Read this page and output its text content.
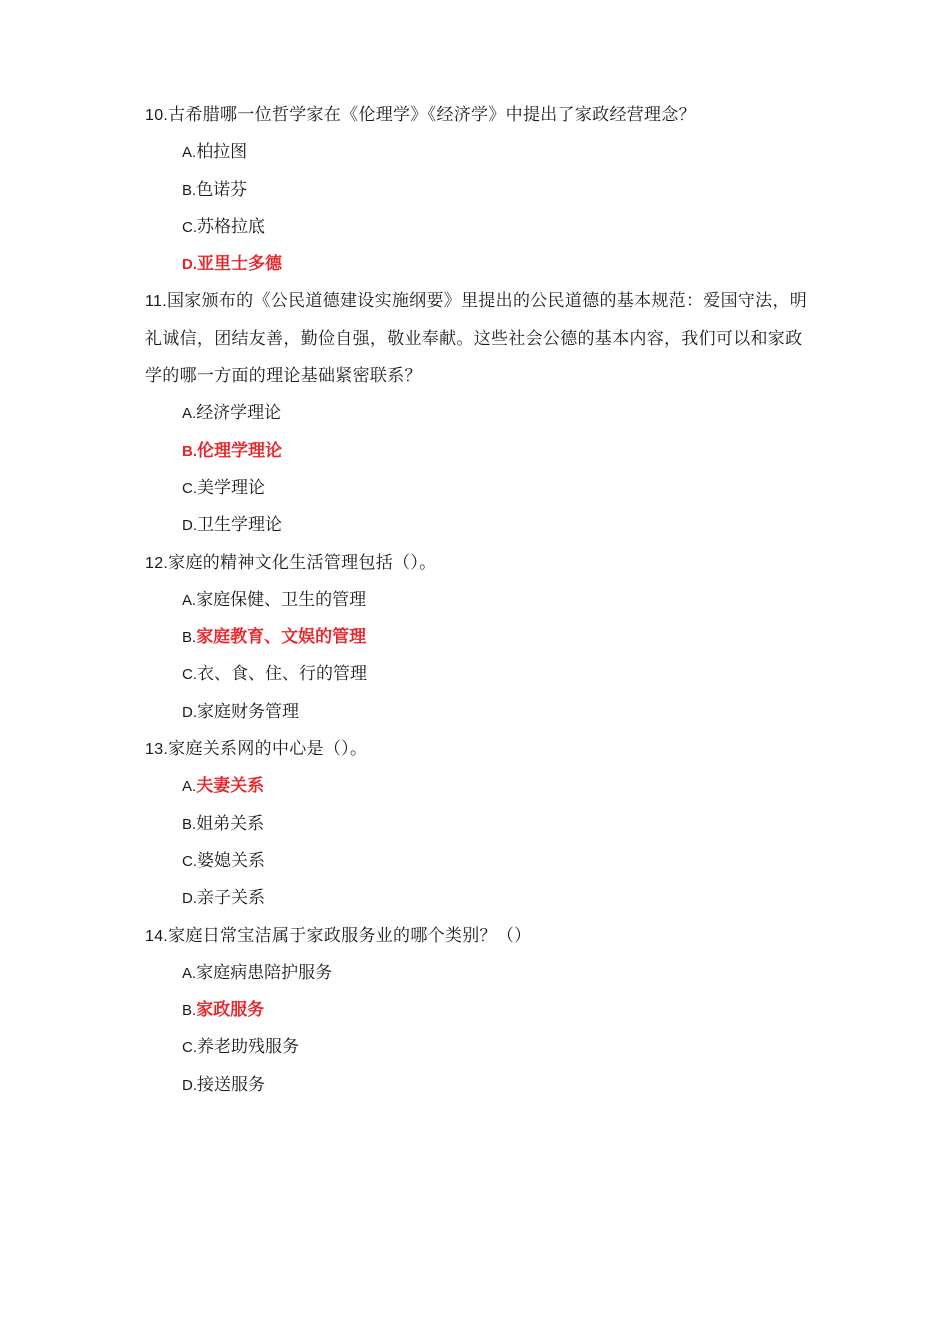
10.古希腊哪一位哲学家在《伦理学》《经济学》中提出了家政经营理念？

A.柏拉图
B.色诺芬
C.苏格拉底
D.亚里士多德

11.国家颁布的《公民道德建设实施纲要》里提出的公民道德的基本规范：爱国守法，明礼诚信，团结友善，勤俭自强，敬业奉献。这些社会公德的基本内容，我们可以和家政学的哪一方面的理论基础紧密联系？

A.经济学理论
B.伦理学理论
C.美学理论
D.卫生学理论

12.家庭的精神文化生活管理包括（）。

A.家庭保健、卫生的管理
B.家庭教育、文娱的管理
C.衣、食、住、行的管理
D.家庭财务管理

13.家庭关系网的中心是（）。

A.夫妻关系
B.姐弟关系
C.婆媳关系
D.亲子关系

14.家庭日常宝洁属于家政服务业的哪个类别？（）

A.家庭病患陪护服务
B.家政服务
C.养老助残服务
D.接送服务
